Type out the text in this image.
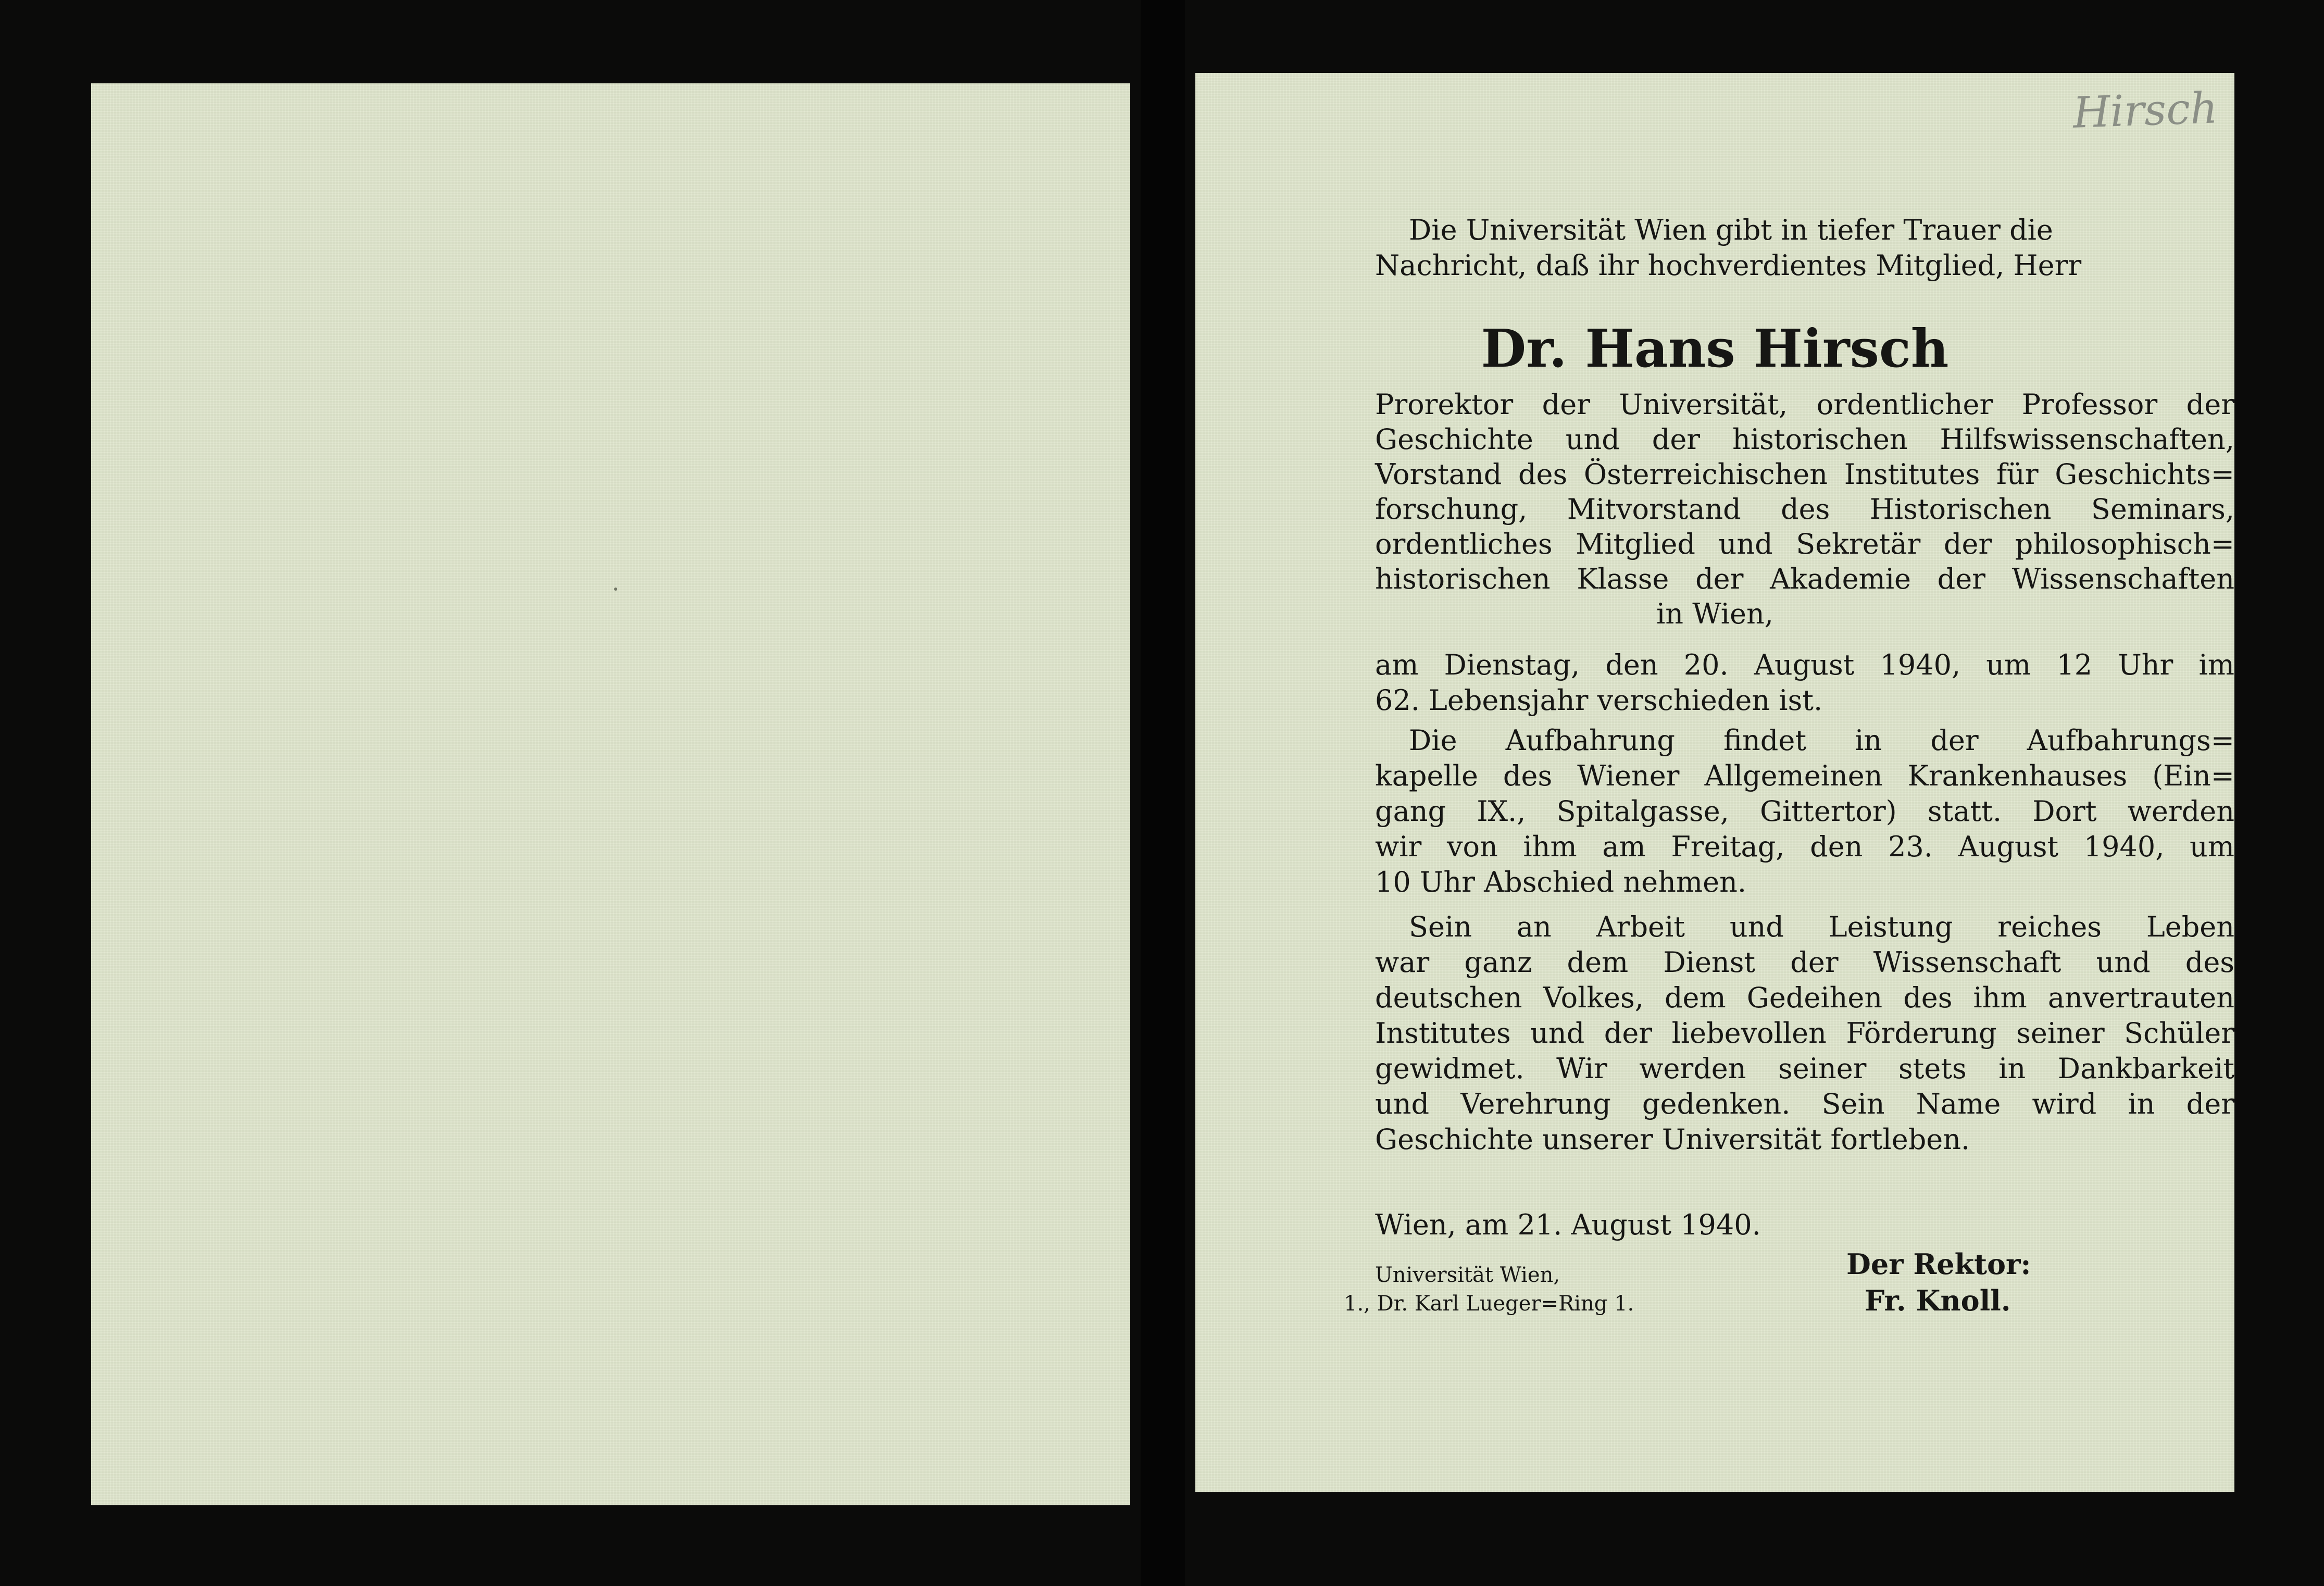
Hirsch
Die Universität Wien gibt in tiefer Trauer die
Nachricht, daß ihr hochverdientes Mitglied, Herr
Dr. Hans Hirsch
Prorektor der Universität, ordentlicher Professor der
Geschichte und der historischen Hilfswissenschaften,
Vorstand des Österreichischen Institutes für Geschichts=
forschung, Mitvorstand des Historischen Seminars,
ordentliches Mitglied und Sekretär der philosophisch=
historischen Klasse der Akademie der Wissenschaften
in Wien,
am Dienstag, den 20. August 1940, um 12 Uhr im
62. Lebensjahr verschieden ist.
Die Aufbahrung findet in der Aufbahrungs=
kapelle des Wiener Allgemeinen Krankenhauses (Ein=
gang IX., Spitalgasse, Gittertor) statt. Dort werden
wir von ihm am Freitag, den 23. August 1940, um
10 Uhr Abschied nehmen.
Sein an Arbeit und Leistung reiches Leben
war ganz dem Dienst der Wissenschaft und des
deutschen Volkes, dem Gedeihen des ihm anvertrauten
Institutes und der liebevollen Förderung seiner Schüler
gewidmet. Wir werden seiner stets in Dankbarkeit
und Verehrung gedenken. Sein Name wird in der
Geschichte unserer Universität fortleben.
Wien, am 21. August 1940.
Universität Wien,
1., Dr. Karl Lueger=Ring 1.
Der Rektor:
Fr. Knoll.
